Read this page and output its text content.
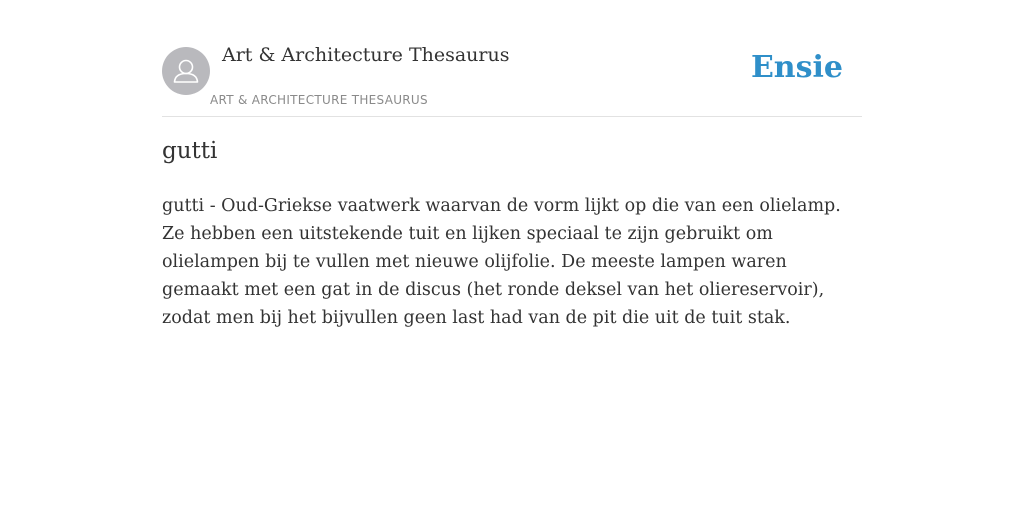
Art & Architecture Thesaurus
ART & ARCHITECTURE THESAURUS
Ensie
gutti

gutti - Oud-Griekse vaatwerk waarvan de vorm lijkt op die van een olielamp. Ze hebben een uitstekende tuit en lijken speciaal te zijn gebruikt om olielampen bij te vullen met nieuwe olijfolie. De meeste lampen waren gemaakt met een gat in de discus (het ronde deksel van het oliereservoir), zodat men bij het bijvullen geen last had van de pit die uit de tuit stak.
